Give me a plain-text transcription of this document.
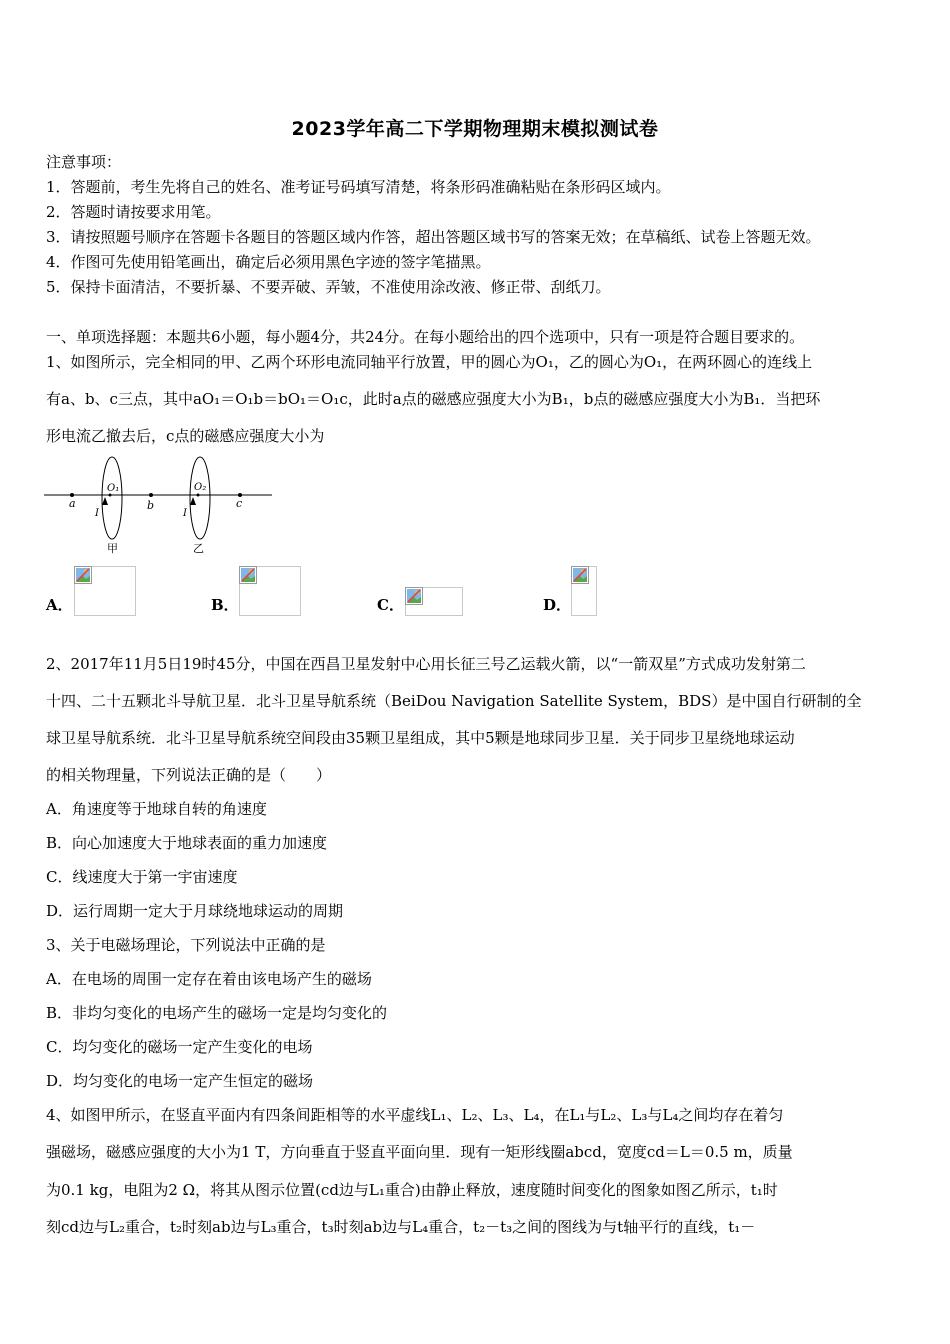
2023学年高二下学期物理期末模拟测试卷
注意事项：
1．答题前，考生先将自己的姓名、准考证号码填写清楚，将条形码准确粘贴在条形码区域内。
2．答题时请按要求用笔。
3．请按照题号顺序在答题卡各题目的答题区域内作答，超出答题区域书写的答案无效；在草稿纸、试卷上答题无效。
4．作图可先使用铅笔画出，确定后必须用黑色字迹的签字笔描黑。
5．保持卡面清洁，不要折暴、不要弄破、弄皱，不准使用涂改液、修正带、刮纸刀。
一、单项选择题：本题共6小题，每小题4分，共24分。在每小题给出的四个选项中，只有一项是符合题目要求的。
1、如图所示，完全相同的甲、乙两个环形电流同轴平行放置，甲的圆心为O₁，乙的圆心为O₁，在两环圆心的连线上
有a、b、c三点，其中aO₁＝O₁b＝bO₁＝O₁c，此时a点的磁感应强度大小为B₁，b点的磁感应强度大小为B₁．当把环
形电流乙撤去后，c点的磁感应强度大小为
a	b	c
O₁	O₂
I	I
甲	乙
A．	B．	C．	D．
2、2017年11月5日19时45分，中国在西昌卫星发射中心用长征三号乙运载火箭，以“一箭双星”方式成功发射第二
十四、二十五颗北斗导航卫星．北斗卫星导航系统（BeiDou Navigation Satellite System，BDS）是中国自行研制的全
球卫星导航系统．北斗卫星导航系统空间段由35颗卫星组成，其中5颗是地球同步卫星．关于同步卫星绕地球运动
的相关物理量，下列说法正确的是（　　）
A．角速度等于地球自转的角速度
B．向心加速度大于地球表面的重力加速度
C．线速度大于第一宇宙速度
D．运行周期一定大于月球绕地球运动的周期
3、关于电磁场理论，下列说法中正确的是
A．在电场的周围一定存在着由该电场产生的磁场
B．非均匀变化的电场产生的磁场一定是均匀变化的
C．均匀变化的磁场一定产生变化的电场
D．均匀变化的电场一定产生恒定的磁场
4、如图甲所示，在竖直平面内有四条间距相等的水平虚线L₁、L₂、L₃、L₄，在L₁与L₂、L₃与L₄之间均存在着匀
强磁场，磁感应强度的大小为1 T，方向垂直于竖直平面向里．现有一矩形线圈abcd，宽度cd＝L＝0.5 m，质量
为0.1 kg，电阻为2 Ω，将其从图示位置(cd边与L₁重合)由静止释放，速度随时间变化的图象如图乙所示，t₁时
刻cd边与L₂重合，t₂时刻ab边与L₃重合，t₃时刻ab边与L₄重合，t₂－t₃之间的图线为与t轴平行的直线，t₁－
